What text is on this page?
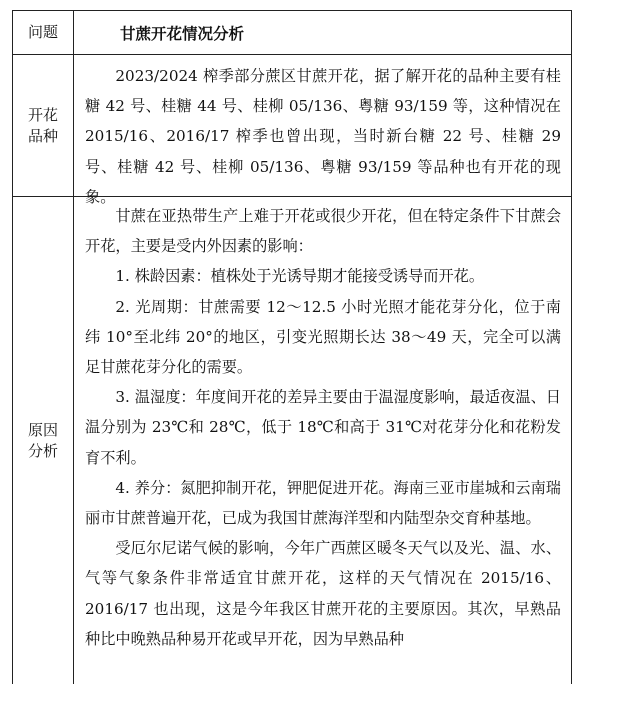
问题	甘蔗开花情况分析
开花
品种

2023/2024 榨季部分蔗区甘蔗开花，据了解开花的品种主要有桂糖 42 号、桂糖 44 号、桂柳 05/136、粤糖 93/159 等，这种情况在 2015/16、2016/17 榨季也曾出现，当时新台糖 22 号、桂糖 29 号、桂糖 42 号、桂柳 05/136、粤糖 93/159 等品种也有开花的现象。

原因
分析

甘蔗在亚热带生产上难于开花或很少开花，但在特定条件下甘蔗会开花，主要是受内外因素的影响：

1. 株龄因素：植株处于光诱导期才能接受诱导而开花。

2. 光周期：甘蔗需要 12～12.5 小时光照才能花芽分化，位于南纬 10°至北纬 20°的地区，引变光照期长达 38～49 天，完全可以满足甘蔗花芽分化的需要。

3. 温湿度：年度间开花的差异主要由于温湿度影响，最适夜温、日温分别为 23℃和 28℃，低于 18℃和高于 31℃对花芽分化和花粉发育不利。

4. 养分：氮肥抑制开花，钾肥促进开花。海南三亚市崖城和云南瑞丽市甘蔗普遍开花，已成为我国甘蔗海洋型和内陆型杂交育种基地。

受厄尔尼诺气候的影响，今年广西蔗区暖冬天气以及光、温、水、气等气象条件非常适宜甘蔗开花，这样的天气情况在 2015/16、2016/17 也出现，这是今年我区甘蔗开花的主要原因。其次，早熟品种比中晚熟品种易开花或早开花，因为早熟品种
